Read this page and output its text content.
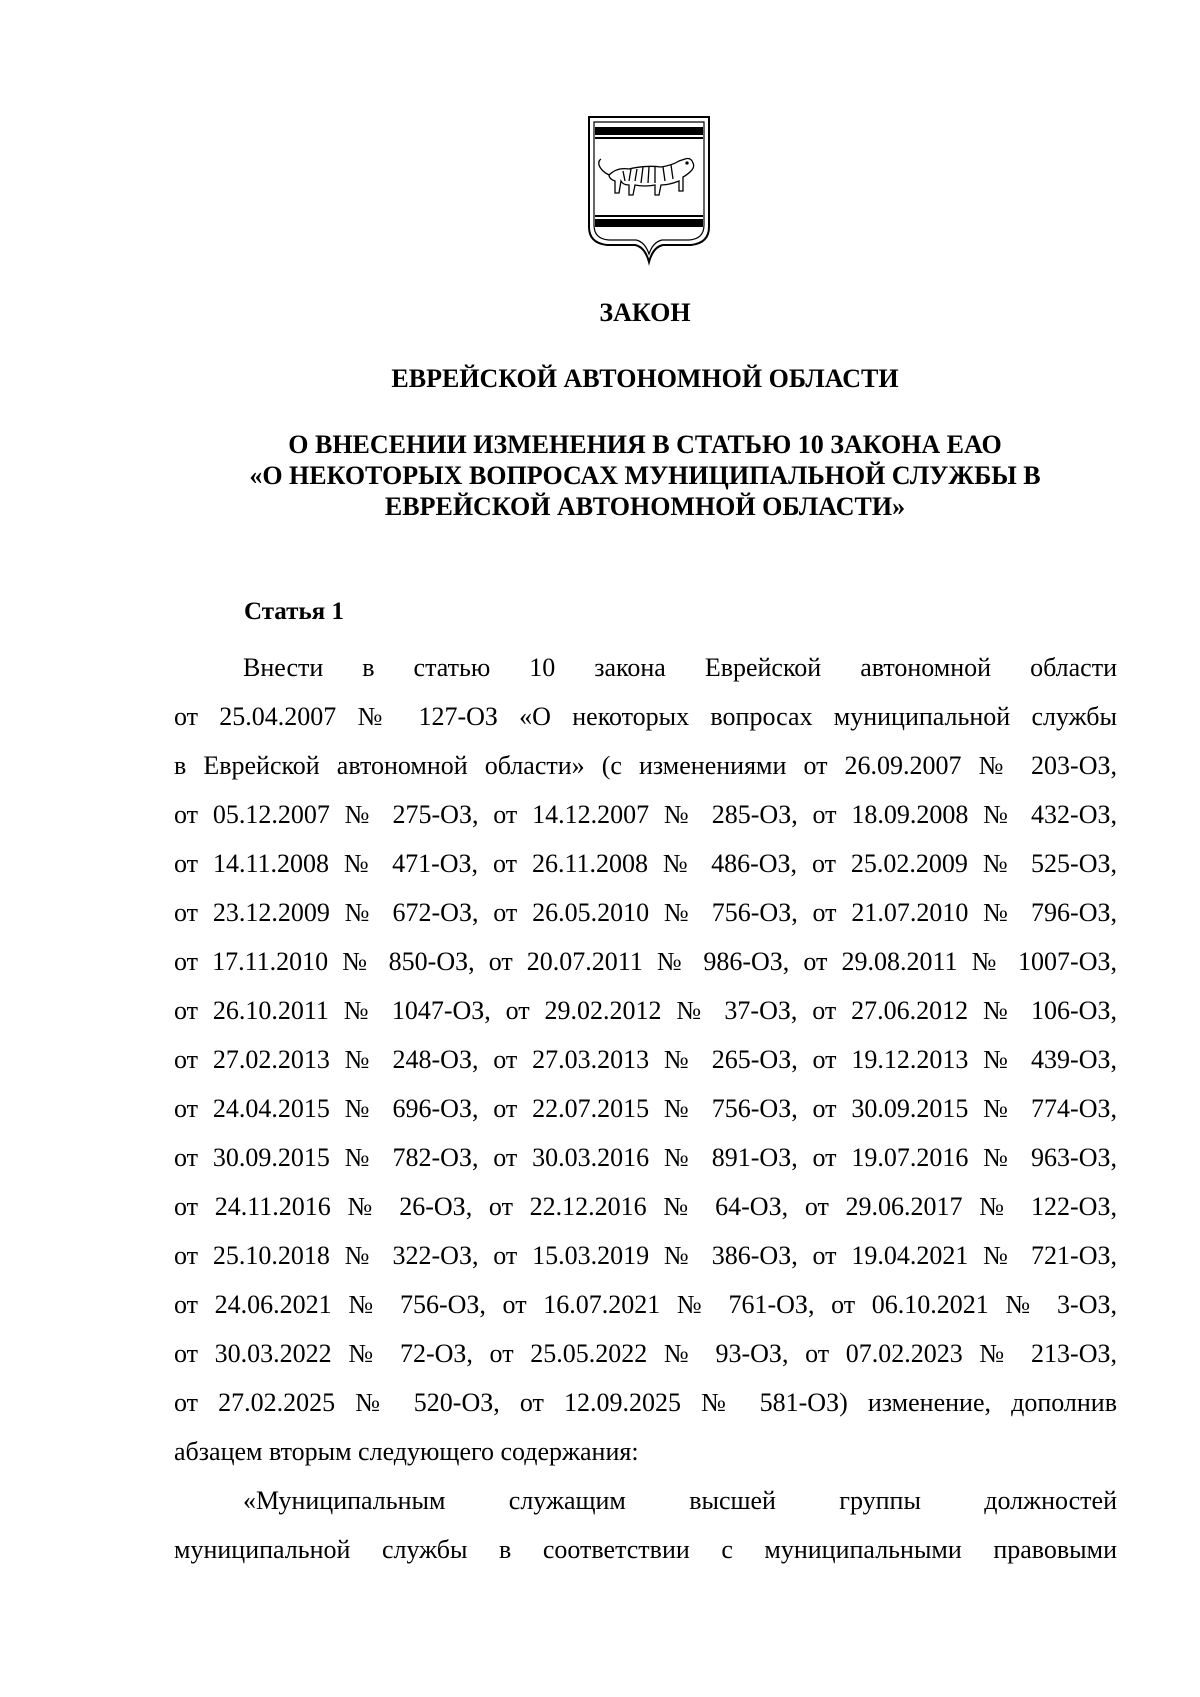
ЗАКОН
ЕВРЕЙСКОЙ АВТОНОМНОЙ ОБЛАСТИ
О ВНЕСЕНИИ ИЗМЕНЕНИЯ В СТАТЬЮ 10 ЗАКОНА ЕАО
«О НЕКОТОРЫХ ВОПРОСАХ МУНИЦИПАЛЬНОЙ СЛУЖБЫ В
ЕВРЕЙСКОЙ АВТОНОМНОЙ ОБЛАСТИ»
Статья 1
Внести в статью 10 закона Еврейской автономной области
от 25.04.2007 № 127-ОЗ «О некоторых вопросах муниципальной службы
в Еврейской автономной области» (с изменениями от 26.09.2007 № 203-ОЗ,
от 05.12.2007 № 275-ОЗ, от 14.12.2007 № 285-ОЗ, от 18.09.2008 № 432-ОЗ,
от 14.11.2008 № 471-ОЗ, от 26.11.2008 № 486-ОЗ, от 25.02.2009 № 525-ОЗ,
от 23.12.2009 № 672-ОЗ, от 26.05.2010 № 756-ОЗ, от 21.07.2010 № 796-ОЗ,
от 17.11.2010 № 850-ОЗ, от 20.07.2011 № 986-ОЗ, от 29.08.2011 № 1007-ОЗ,
от 26.10.2011 № 1047-ОЗ, от 29.02.2012 № 37-ОЗ, от 27.06.2012 № 106-ОЗ,
от 27.02.2013 № 248-ОЗ, от 27.03.2013 № 265-ОЗ, от 19.12.2013 № 439-ОЗ,
от 24.04.2015 № 696-ОЗ, от 22.07.2015 № 756-ОЗ, от 30.09.2015 № 774-ОЗ,
от 30.09.2015 № 782-ОЗ, от 30.03.2016 № 891-ОЗ, от 19.07.2016 № 963-ОЗ,
от 24.11.2016 № 26-ОЗ, от 22.12.2016 № 64-ОЗ, от 29.06.2017 № 122-ОЗ,
от 25.10.2018 № 322-ОЗ, от 15.03.2019 № 386-ОЗ, от 19.04.2021 № 721-ОЗ,
от 24.06.2021 № 756-ОЗ, от 16.07.2021 № 761-ОЗ, от 06.10.2021 № 3-ОЗ,
от 30.03.2022 № 72-ОЗ, от 25.05.2022 № 93-ОЗ, от 07.02.2023 № 213-ОЗ,
от 27.02.2025 № 520-ОЗ, от 12.09.2025 № 581-ОЗ) изменение, дополнив
абзацем вторым следующего содержания:
«Муниципальным служащим высшей группы должностей
муниципальной службы в соответствии с муниципальными правовыми
